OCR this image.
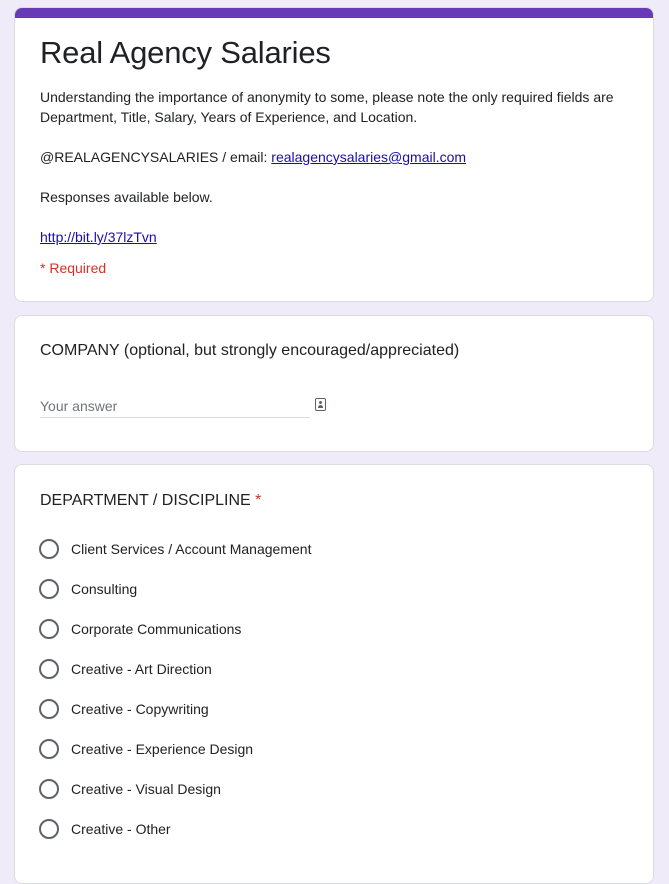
Real Agency Salaries

Understanding the importance of anonymity to some, please note the only required fields are Department, Title, Salary, Years of Experience, and Location.

@REALAGENCYSALARIES / email: realagencysalaries@gmail.com

Responses available below.

http://bit.ly/37lzTvn

* Required
COMPANY (optional, but strongly encouraged/appreciated)
Your answer
DEPARTMENT / DISCIPLINE *
Client Services / Account Management
Consulting
Corporate Communications
Creative - Art Direction
Creative - Copywriting
Creative - Experience Design
Creative - Visual Design
Creative - Other
